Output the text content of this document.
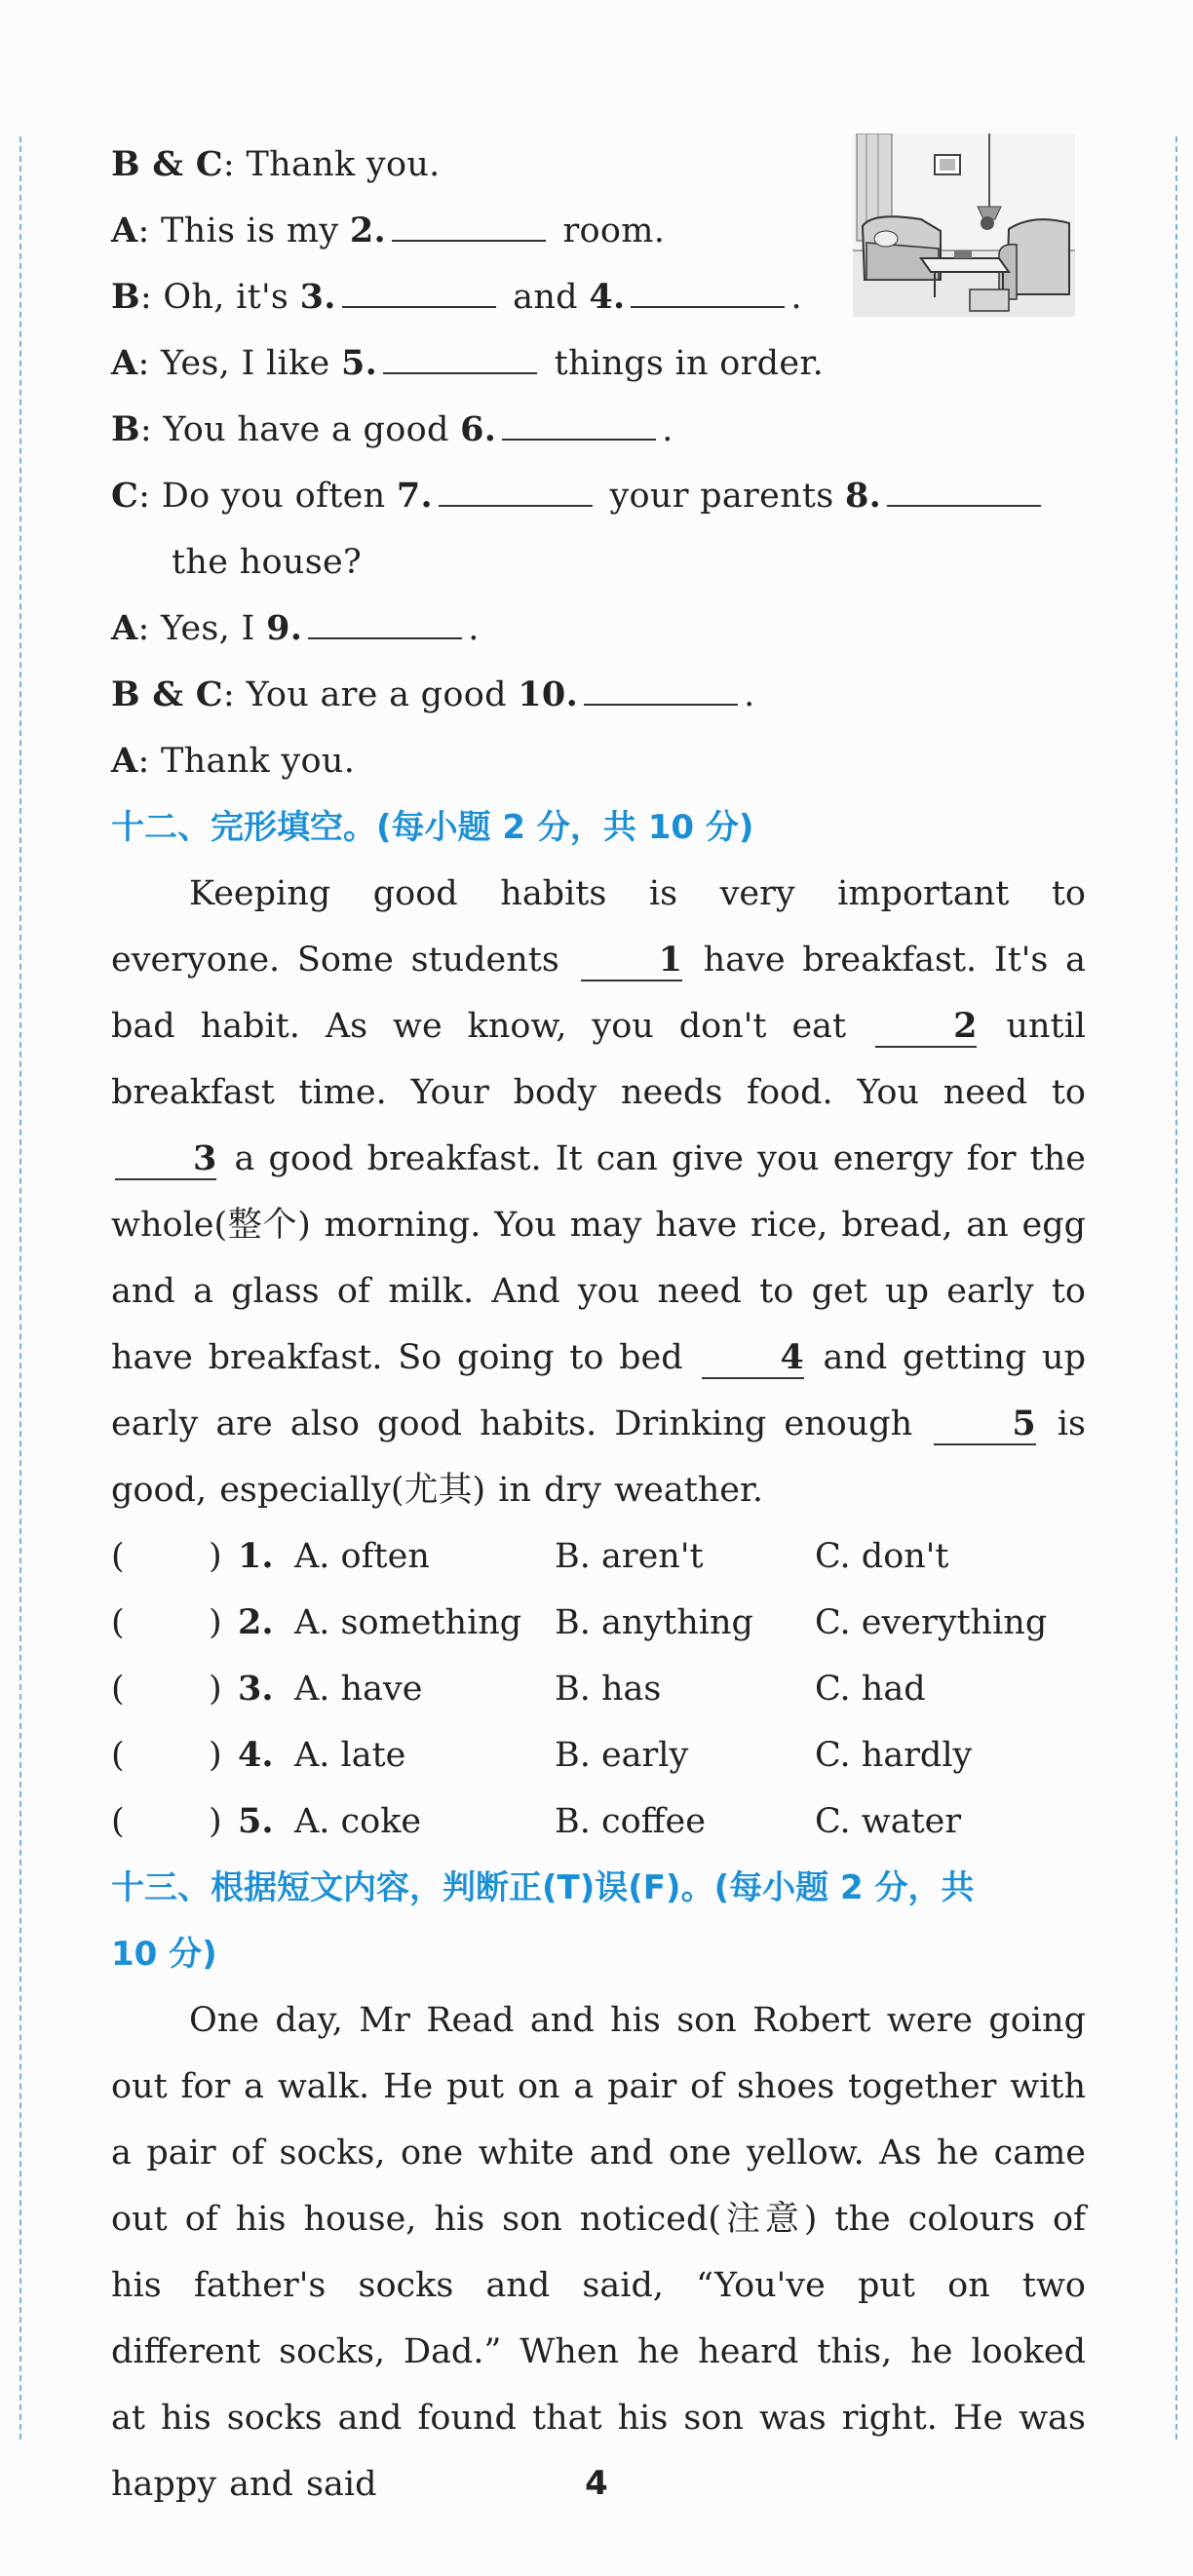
B & C: Thank you.
A: This is my 2.	room.
B: Oh, it's 3.	and 4.	.
A: Yes, I like 5.	things in order.
B: You have a good 6.	.
C: Do you often 7.	your parents 8.
the house?
A: Yes, I 9.	.
B & C: You are a good 10.	.
A: Thank you.
十二、完形填空。(每小题 2 分，共 10 分)
Keeping good habits is very important to everyone. Some students	1 have breakfast. It's a bad habit. As we know, you don't eat	2 until breakfast time. Your body needs food. You need to 3 a good breakfast. It can give you energy for the whole(整个) morning. You may have rice, bread, an egg and a glass of milk. And you need to get up early to have breakfast. So going to bed	4 and getting up early are also good habits. Drinking enough	5 is good, especially(尤其) in dry weather.
( ) 1. A. often	B. aren't	C. don't
( ) 2. A. something B. anything C. everything
( ) 3. A. have	B. has	C. had
( ) 4. A. late	B. early	C. hardly
( ) 5. A. coke	B. coffee	C. water
十三、根据短文内容，判断正(T)误(F)。(每小题 2 分，共
10 分)
One day, Mr Read and his son Robert were going out for a walk. He put on a pair of shoes together with a pair of socks, one white and one yellow. As he came out of his house, his son noticed(注意) the colours of his father's socks and said, “You've put on two different socks, Dad.” When he heard this, he looked at his socks and found that his son was right. He was happy and said	4
